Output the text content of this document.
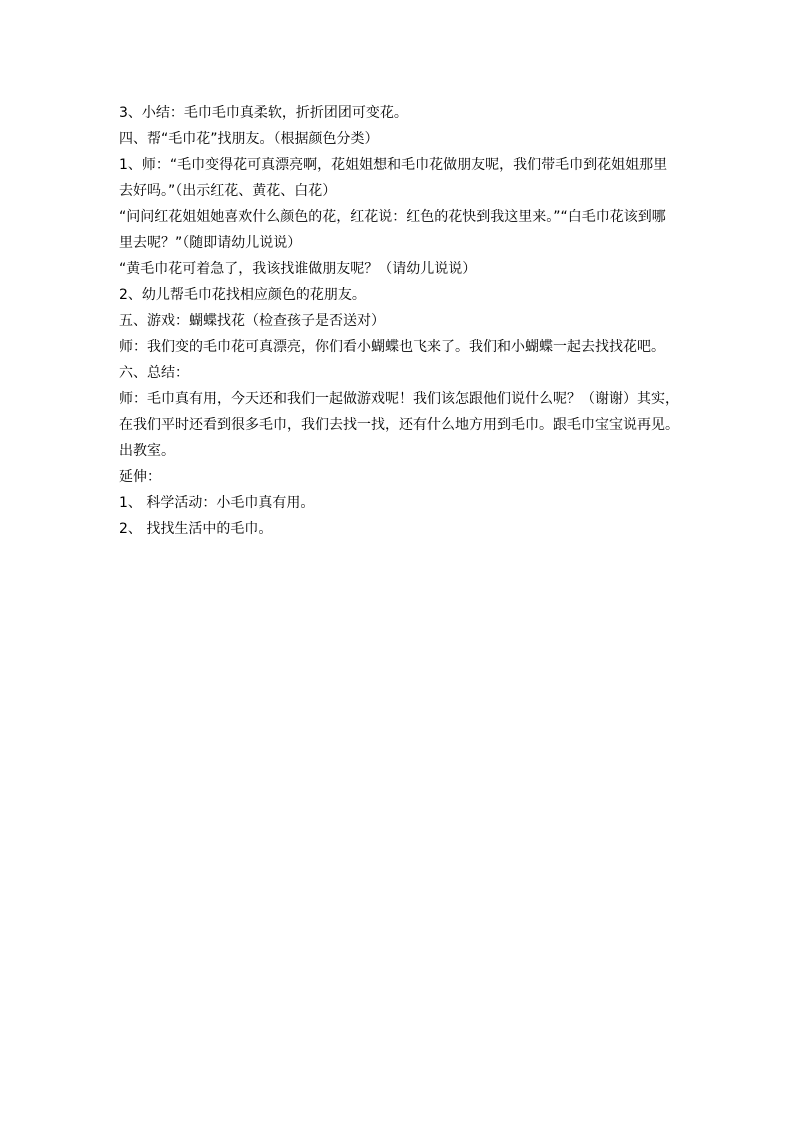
3、小结：毛巾毛巾真柔软，折折团团可变花。
四、帮“毛巾花”找朋友。（根据颜色分类）
1、师：“毛巾变得花可真漂亮啊，花姐姐想和毛巾花做朋友呢，我们带毛巾到花姐姐那里
去好吗。”（出示红花、黄花、白花）
“问问红花姐姐她喜欢什么颜色的花，红花说：红色的花快到我这里来。”“白毛巾花该到哪
里去呢？”（随即请幼儿说说）
“黄毛巾花可着急了，我该找谁做朋友呢？（请幼儿说说）
2、幼儿帮毛巾花找相应颜色的花朋友。
五、游戏：蝴蝶找花（检查孩子是否送对）
师：我们变的毛巾花可真漂亮，你们看小蝴蝶也飞来了。我们和小蝴蝶一起去找找花吧。
六、总结：
师：毛巾真有用，今天还和我们一起做游戏呢！我们该怎跟他们说什么呢？（谢谢）其实，
在我们平时还看到很多毛巾，我们去找一找，还有什么地方用到毛巾。跟毛巾宝宝说再见。
出教室。
延伸：
1、 科学活动：小毛巾真有用。
2、 找找生活中的毛巾。
